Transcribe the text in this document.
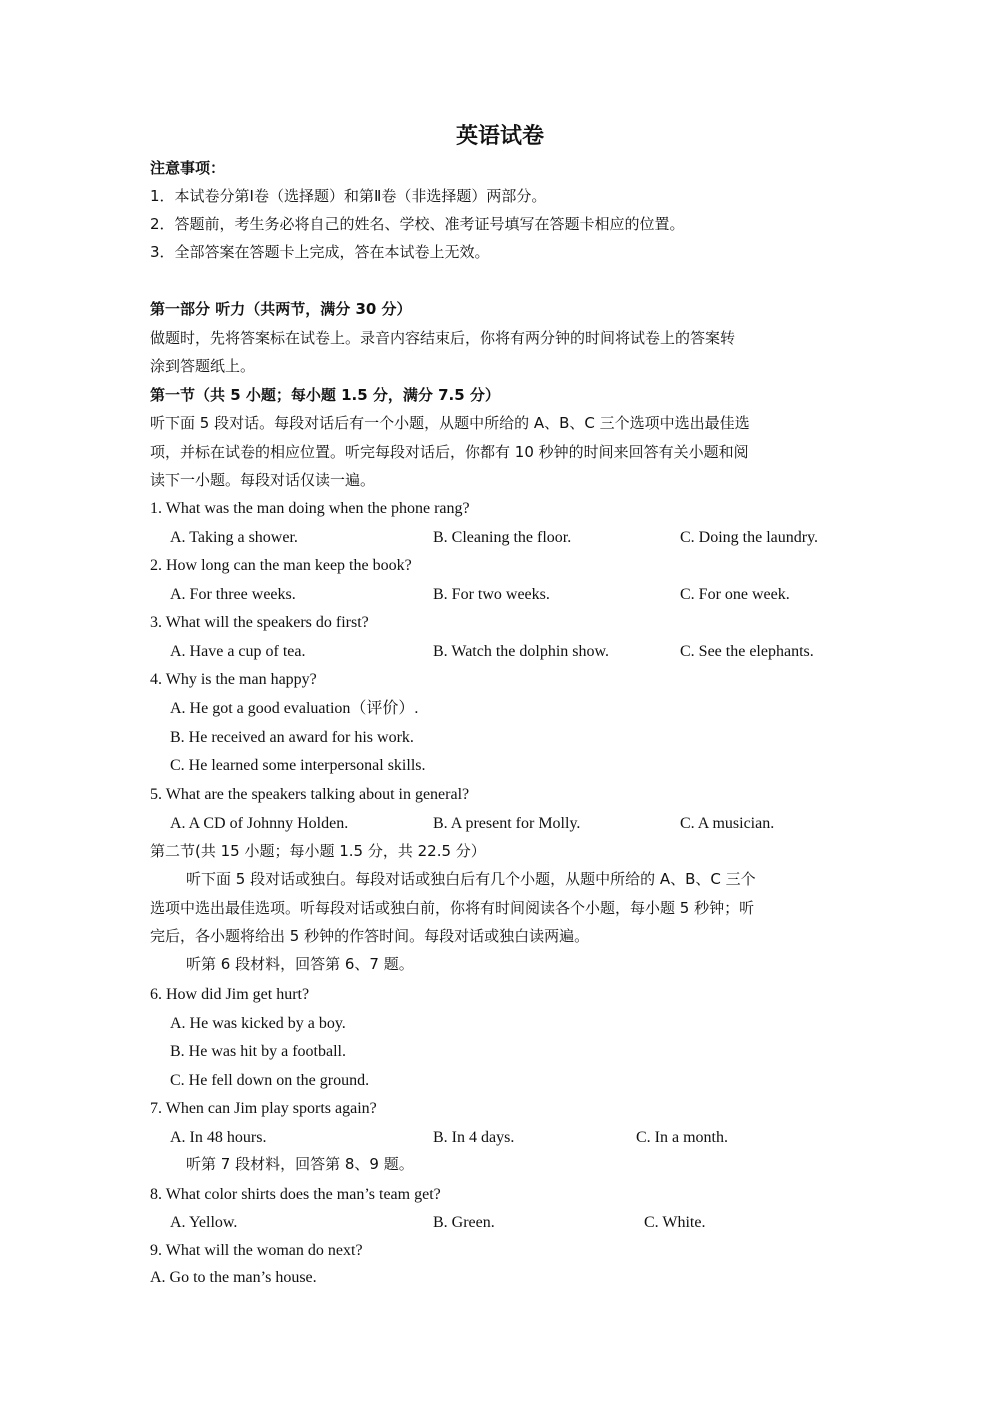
英语试卷
注意事项：
1．本试卷分第Ⅰ卷（选择题）和第Ⅱ卷（非选择题）两部分。
2．答题前，考生务必将自己的姓名、学校、准考证号填写在答题卡相应的位置。
3．全部答案在答题卡上完成，答在本试卷上无效。
第一部分 听力（共两节，满分 30 分）
做题时，先将答案标在试卷上。录音内容结束后，你将有两分钟的时间将试卷上的答案转
涂到答题纸上。
第一节（共 5 小题；每小题 1.5 分，满分 7.5 分）
听下面 5 段对话。每段对话后有一个小题，从题中所给的 A、B、C 三个选项中选出最佳选
项，并标在试卷的相应位置。听完每段对话后，你都有 10 秒钟的时间来回答有关小题和阅
读下一小题。每段对话仅读一遍。
1. What was the man doing when the phone rang?
A. Taking a shower.	B. Cleaning the floor.	C. Doing the laundry.
2. How long can the man keep the book?
A. For three weeks.	B. For two weeks.	C. For one week.
3. What will the speakers do first?
A. Have a cup of tea.	B. Watch the dolphin show.	C. See the elephants.
4. Why is the man happy?
A. He got a good evaluation（评价）.
B. He received an award for his work.
C. He learned some interpersonal skills.
5. What are the speakers talking about in general?
A. A CD of Johnny Holden.	B. A present for Molly.	C. A musician.
第二节(共 15 小题；每小题 1.5 分，共 22.5 分）
听下面 5 段对话或独白。每段对话或独白后有几个小题，从题中所给的 A、B、C 三个
选项中选出最佳选项。听每段对话或独白前，你将有时间阅读各个小题，每小题 5 秒钟；听
完后，各小题将给出 5 秒钟的作答时间。每段对话或独白读两遍。
听第 6 段材料，回答第 6、7 题。
6. How did Jim get hurt?
A. He was kicked by a boy.
B. He was hit by a football.
C. He fell down on the ground.
7. When can Jim play sports again?
A. In 48 hours.	B. In 4 days.	C. In a month.
听第 7 段材料，回答第 8、9 题。
8. What color shirts does the man’s team get?
A. Yellow.	B. Green.	C. White.
9. What will the woman do next?
A. Go to the man’s house.
